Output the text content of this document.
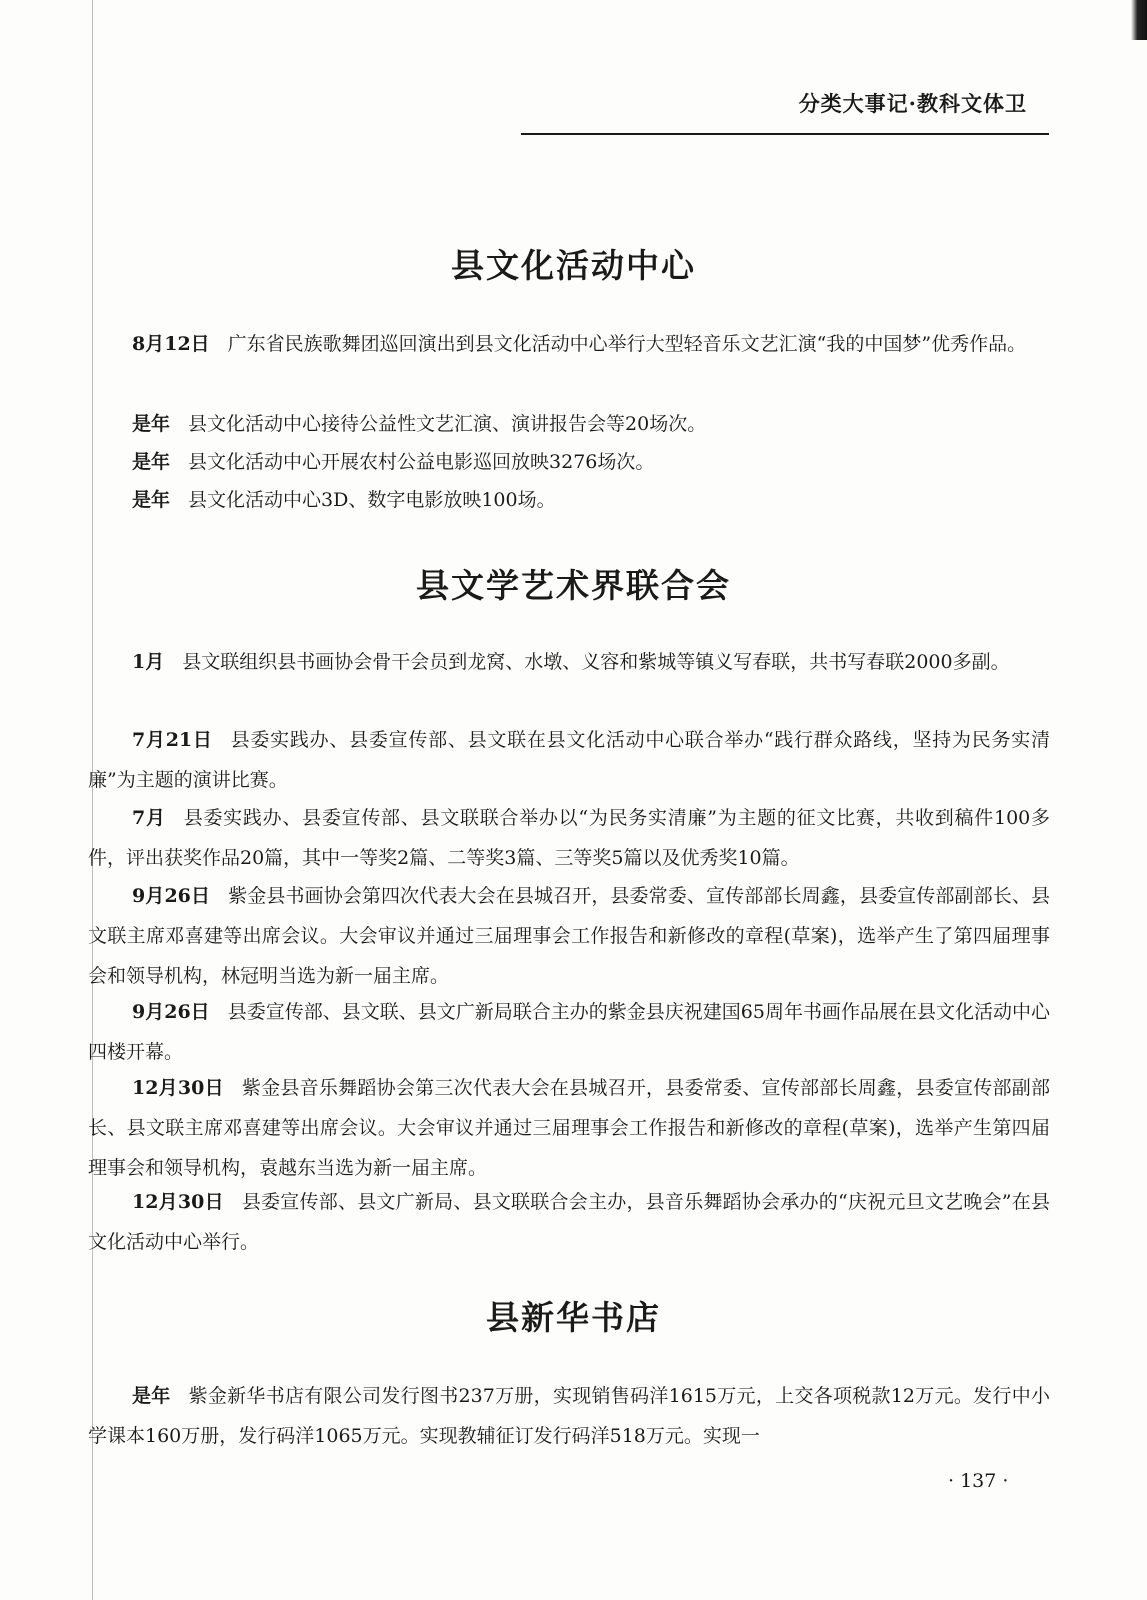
分类大事记·教科文体卫
县文化活动中心
8月12日 广东省民族歌舞团巡回演出到县文化活动中心举行大型轻音乐文艺汇演“我的中国梦”优秀作品。
是年 县文化活动中心接待公益性文艺汇演、演讲报告会等20场次。
是年 县文化活动中心开展农村公益电影巡回放映3276场次。
是年 县文化活动中心3D、数字电影放映100场。
县文学艺术界联合会
1月 县文联组织县书画协会骨干会员到龙窝、水墩、义容和紫城等镇义写春联，共书写春联2000多副。
7月21日 县委实践办、县委宣传部、县文联在县文化活动中心联合举办“践行群众路线，坚持为民务实清廉”为主题的演讲比赛。
7月 县委实践办、县委宣传部、县文联联合举办以“为民务实清廉”为主题的征文比赛，共收到稿件100多件，评出获奖作品20篇，其中一等奖2篇、二等奖3篇、三等奖5篇以及优秀奖10篇。
9月26日 紫金县书画协会第四次代表大会在县城召开，县委常委、宣传部部长周鑫，县委宣传部副部长、县文联主席邓喜建等出席会议。大会审议并通过三届理事会工作报告和新修改的章程(草案)，选举产生了第四届理事会和领导机构，林冠明当选为新一届主席。
9月26日 县委宣传部、县文联、县文广新局联合主办的紫金县庆祝建国65周年书画作品展在县文化活动中心四楼开幕。
12月30日 紫金县音乐舞蹈协会第三次代表大会在县城召开，县委常委、宣传部部长周鑫，县委宣传部副部长、县文联主席邓喜建等出席会议。大会审议并通过三届理事会工作报告和新修改的章程(草案)，选举产生第四届理事会和领导机构，袁越东当选为新一届主席。
12月30日 县委宣传部、县文广新局、县文联联合会主办，县音乐舞蹈协会承办的“庆祝元旦文艺晚会”在县文化活动中心举行。
县新华书店
是年 紫金新华书店有限公司发行图书237万册，实现销售码洋1615万元，上交各项税款12万元。发行中小学课本160万册，发行码洋1065万元。实现教辅征订发行码洋518万元。实现一
· 137 ·
